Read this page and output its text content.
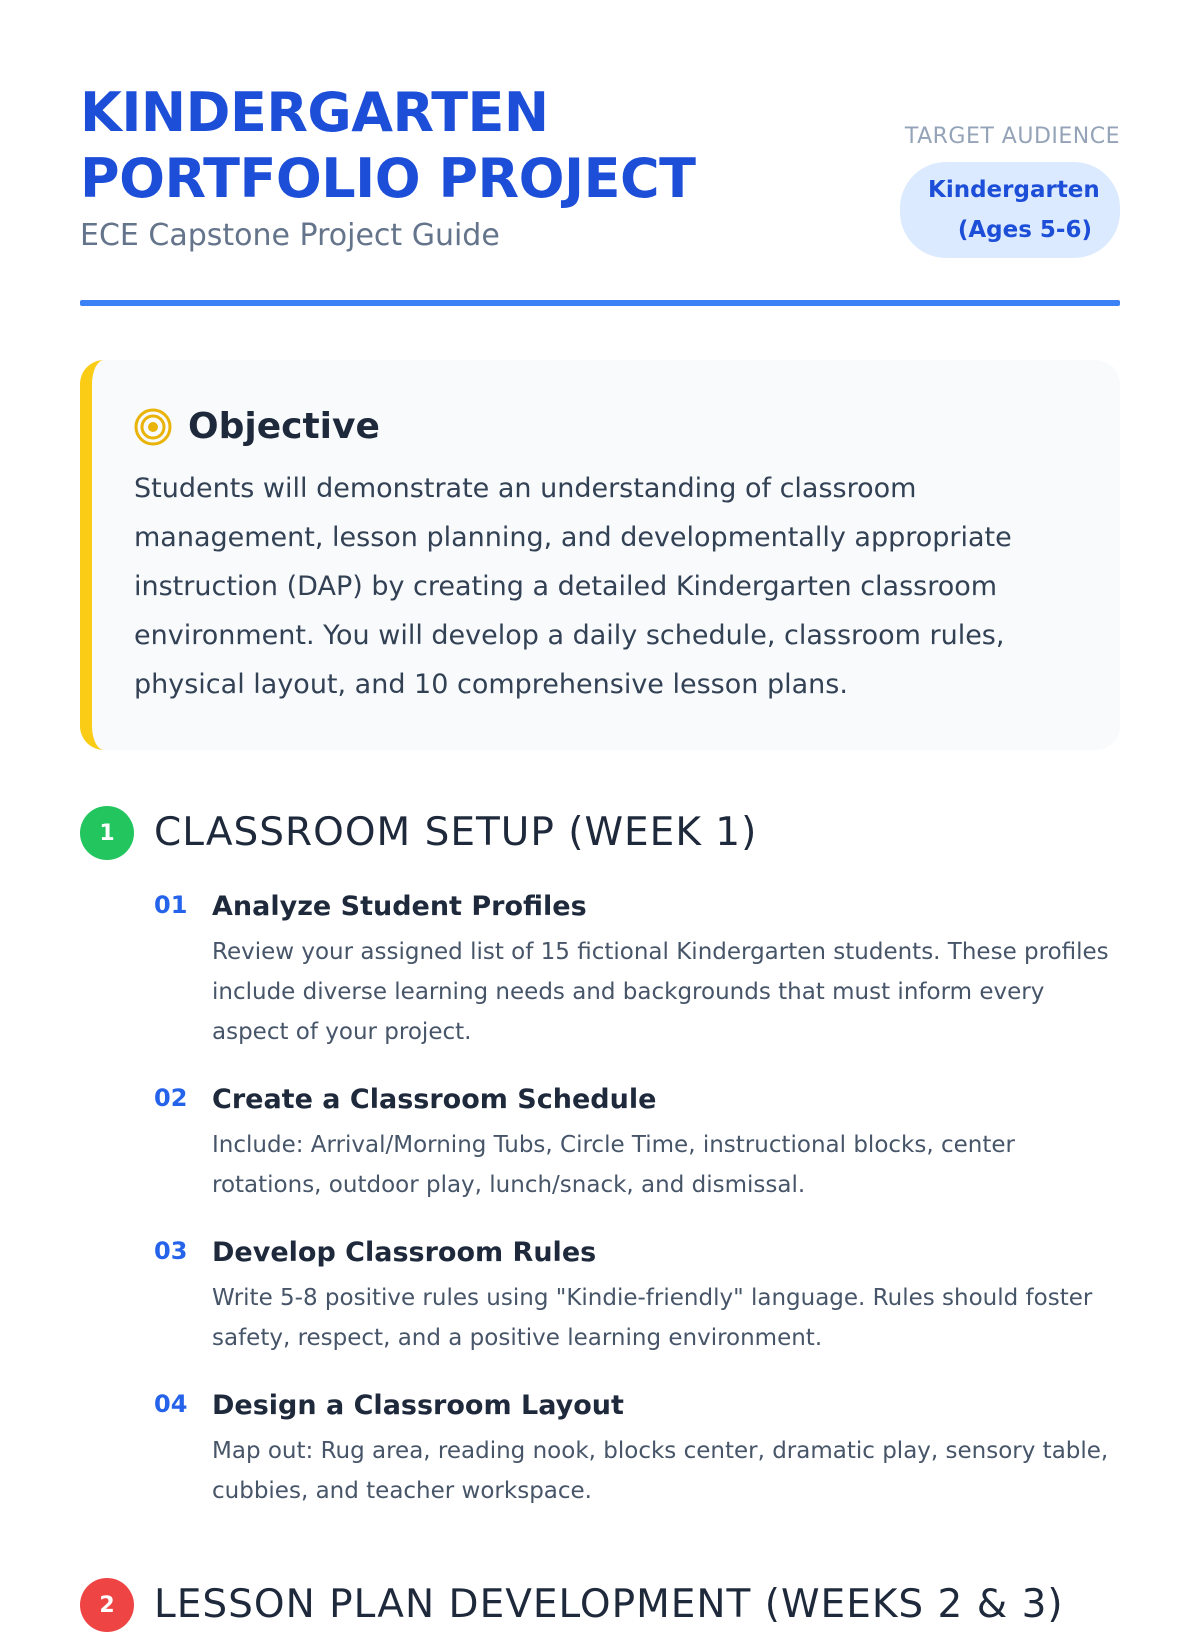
KINDERGARTEN
PORTFOLIO PROJECT
ECE Capstone Project Guide
TARGET AUDIENCE
Kindergarten (Ages 5-6)
Objective
Students will demonstrate an understanding of classroom management, lesson planning, and developmentally appropriate instruction (DAP) by creating a detailed Kindergarten classroom environment. You will develop a daily schedule, classroom rules, physical layout, and 10 comprehensive lesson plans.
1	CLASSROOM SETUP (WEEK 1)
01 Analyze Student Profiles
Review your assigned list of 15 fictional Kindergarten students. These profiles include diverse learning needs and backgrounds that must inform every aspect of your project.
02 Create a Classroom Schedule
Include: Arrival/Morning Tubs, Circle Time, instructional blocks, center rotations, outdoor play, lunch/snack, and dismissal.
03 Develop Classroom Rules
Write 5-8 positive rules using "Kindie-friendly" language. Rules should foster safety, respect, and a positive learning environment.
04 Design a Classroom Layout
Map out: Rug area, reading nook, blocks center, dramatic play, sensory table, cubbies, and teacher workspace.
2	LESSON PLAN DEVELOPMENT (WEEKS 2 & 3)
